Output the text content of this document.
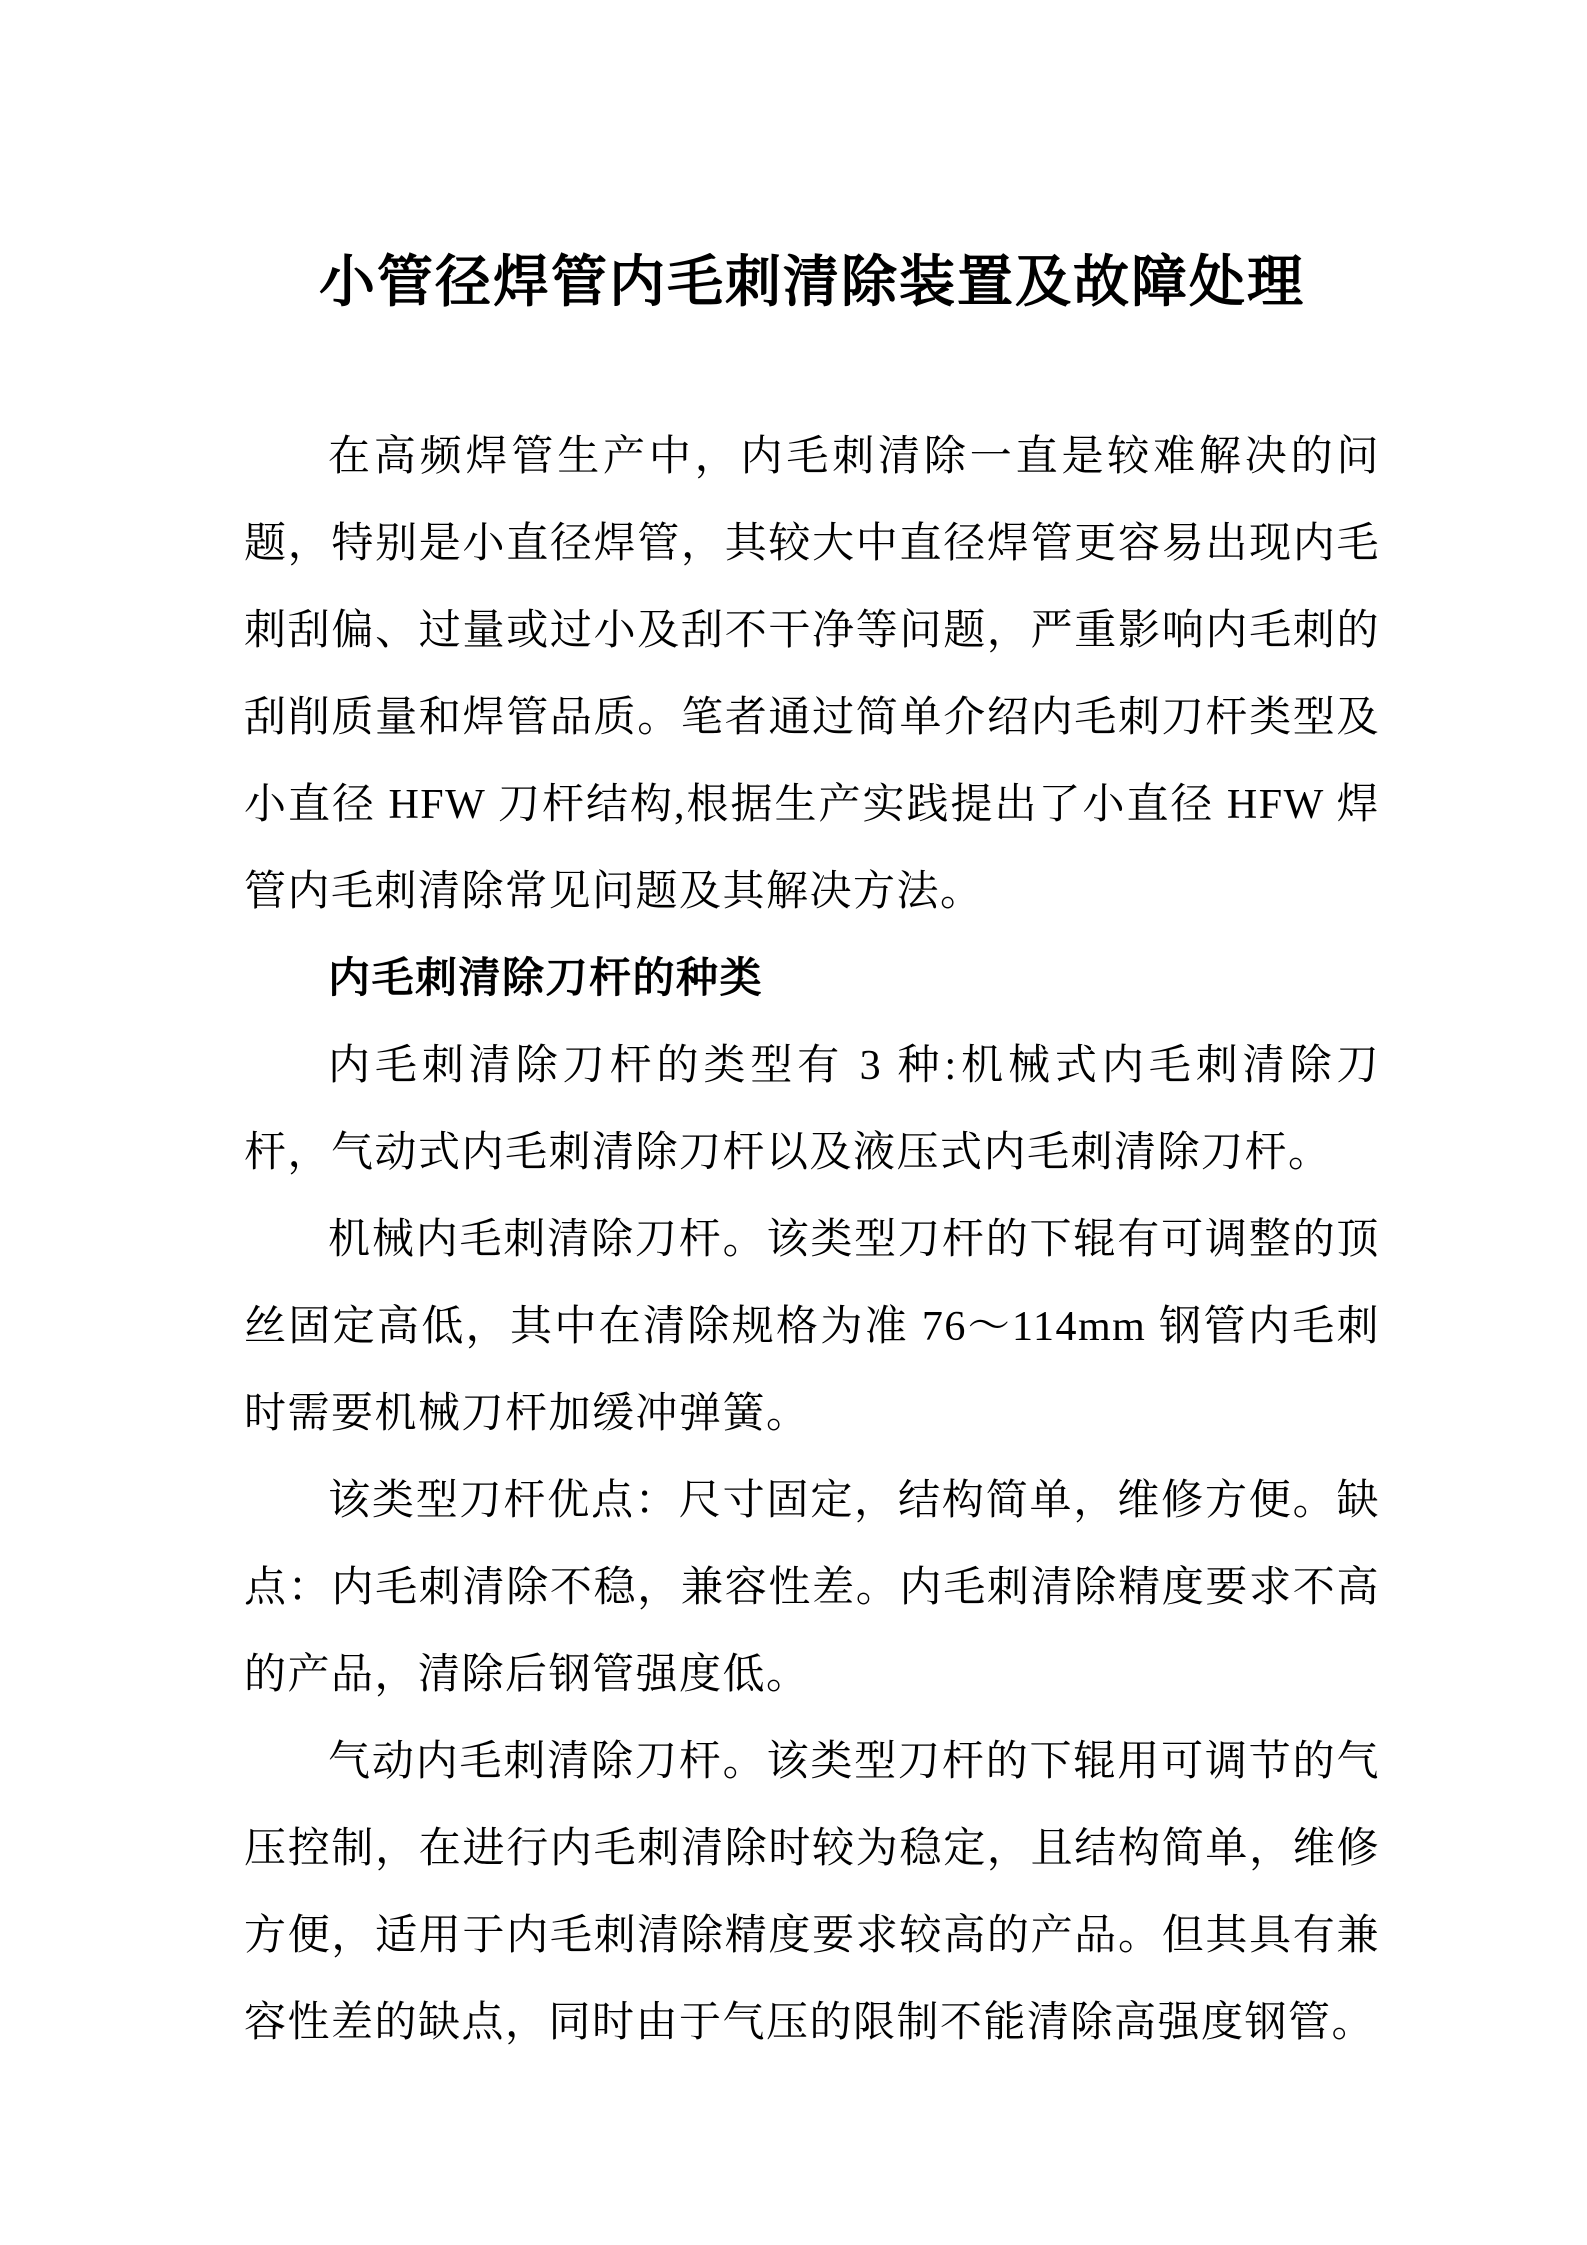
小管径焊管内毛刺清除装置及故障处理

在高频焊管生产中，内毛刺清除一直是较难解决的问题，特别是小直径焊管，其较大中直径焊管更容易出现内毛刺刮偏、过量或过小及刮不干净等问题，严重影响内毛刺的刮削质量和焊管品质。笔者通过简单介绍内毛刺刀杆类型及小直径 HFW 刀杆结构,根据生产实践提出了小直径 HFW 焊管内毛刺清除常见问题及其解决方法。

内毛刺清除刀杆的种类

内毛刺清除刀杆的类型有 3 种:机械式内毛刺清除刀杆，气动式内毛刺清除刀杆以及液压式内毛刺清除刀杆。

机械内毛刺清除刀杆。该类型刀杆的下辊有可调整的顶丝固定高低，其中在清除规格为准 76～114mm 钢管内毛刺时需要机械刀杆加缓冲弹簧。

该类型刀杆优点：尺寸固定，结构简单，维修方便。缺点：内毛刺清除不稳，兼容性差。内毛刺清除精度要求不高的产品，清除后钢管强度低。

气动内毛刺清除刀杆。该类型刀杆的下辊用可调节的气压控制，在进行内毛刺清除时较为稳定，且结构简单，维修方便，适用于内毛刺清除精度要求较高的产品。但其具有兼容性差的缺点，同时由于气压的限制不能清除高强度钢管。
